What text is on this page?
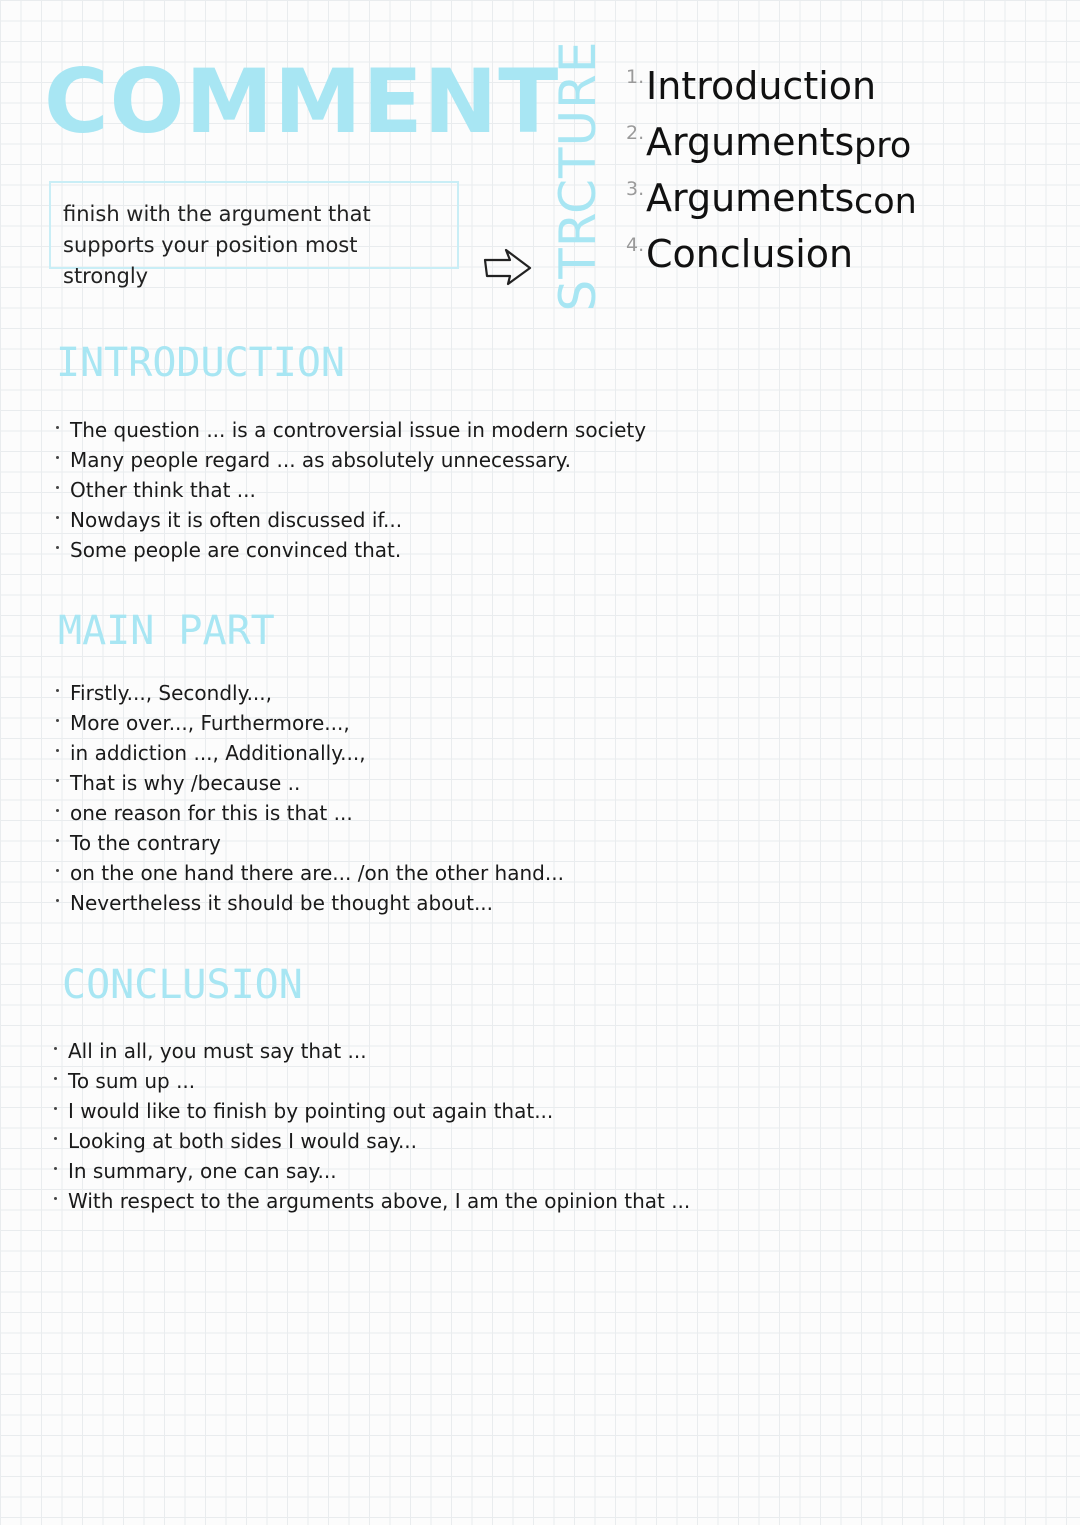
COMMENT
finish with the argument that supports your position most strongly	STRCTURE 1. Introduction
2. Arguments pro
3. Arguments con
4. Conclusion
INTRODUCTION
The question ... is a controversial issue in modern society
Many people regard ... as absolutely unnecessary.
Other think that ...
Nowdays it is often discussed if...
Some people are convinced that.
MAIN PART
Firstly..., Secondly...,
More over..., Furthermore...,
in addiction ..., Additionally...,
That is why /because ..
one reason for this is that ...
To the contrary
on the one hand there are... /on the other hand...
Nevertheless it should be thought about...
CONCLUSION
All in all, you must say that ...
To sum up ...
I would like to finish by pointing out again that...
Looking at both sides I would say...
In summary, one can say...
With respect to the arguments above, I am the opinion that ...
